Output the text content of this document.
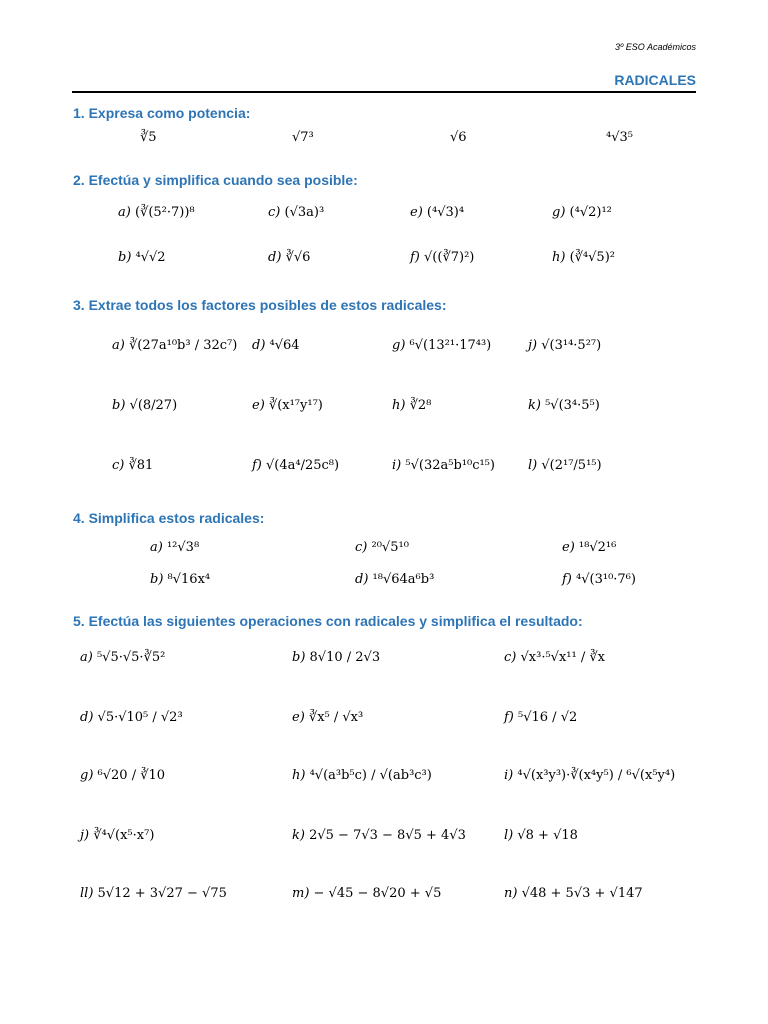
3º ESO Académicos
RADICALES
1. Expresa como potencia:
∛5	√7³	√6	⁴√3⁵
2. Efectúa y simplifica cuando sea posible:
a) (∛(5²·7))⁸	c) (√3a)³	e) (⁴√3)⁴	g) (⁴√2)¹²
b) ⁴√√2	d) ∛√6	f) √((∛7)²)	h) (∛⁴√5)²
3. Extrae todos los factores posibles de estos radicales:
a) ∛(27a¹⁰b³ / 32c⁷) d) ⁴√64	g) ⁶√(13²¹·17⁴³)	j) √(3¹⁴·5²⁷)
b) √(8/27)	e) ∛(x¹⁷y¹⁷)	h) ∛2⁸	k) ⁵√(3⁴·5⁵)
c) ∛81	f) √(4a⁴/25c⁸)	i) ⁵√(32a⁵b¹⁰c¹⁵)	l) √(2¹⁷/5¹⁵)
4. Simplifica estos radicales:
a) ¹²√3⁸	c) ²⁰√5¹⁰	e) ¹⁸√2¹⁶
b) ⁸√16x⁴	d) ¹⁸√64a⁶b³	f) ⁴√(3¹⁰·7⁶)
5. Efectúa las siguientes operaciones con radicales y simplifica el resultado:
a) ⁵√5·√5·∛5²	b) 8√10 / 2√3	c) √x³·⁵√x¹¹ / ∛x
d) √5·√10⁵ / √2³	e) ∛x⁵ / √x³	f) ⁵√16 / √2
g) ⁶√20 / ∛10	h) ⁴√(a³b⁵c) / √(ab³c³)	i) ⁴√(x³y³)·∛(x⁴y⁵) / ⁶√(x⁵y⁴)
j) ∛⁴√(x⁵·x⁷)	k) 2√5 − 7√3 − 8√5 + 4√3	l) √8 + √18
ll) 5√12 + 3√27 − √75	m) − √45 − 8√20 + √5	n) √48 + 5√3 + √147
